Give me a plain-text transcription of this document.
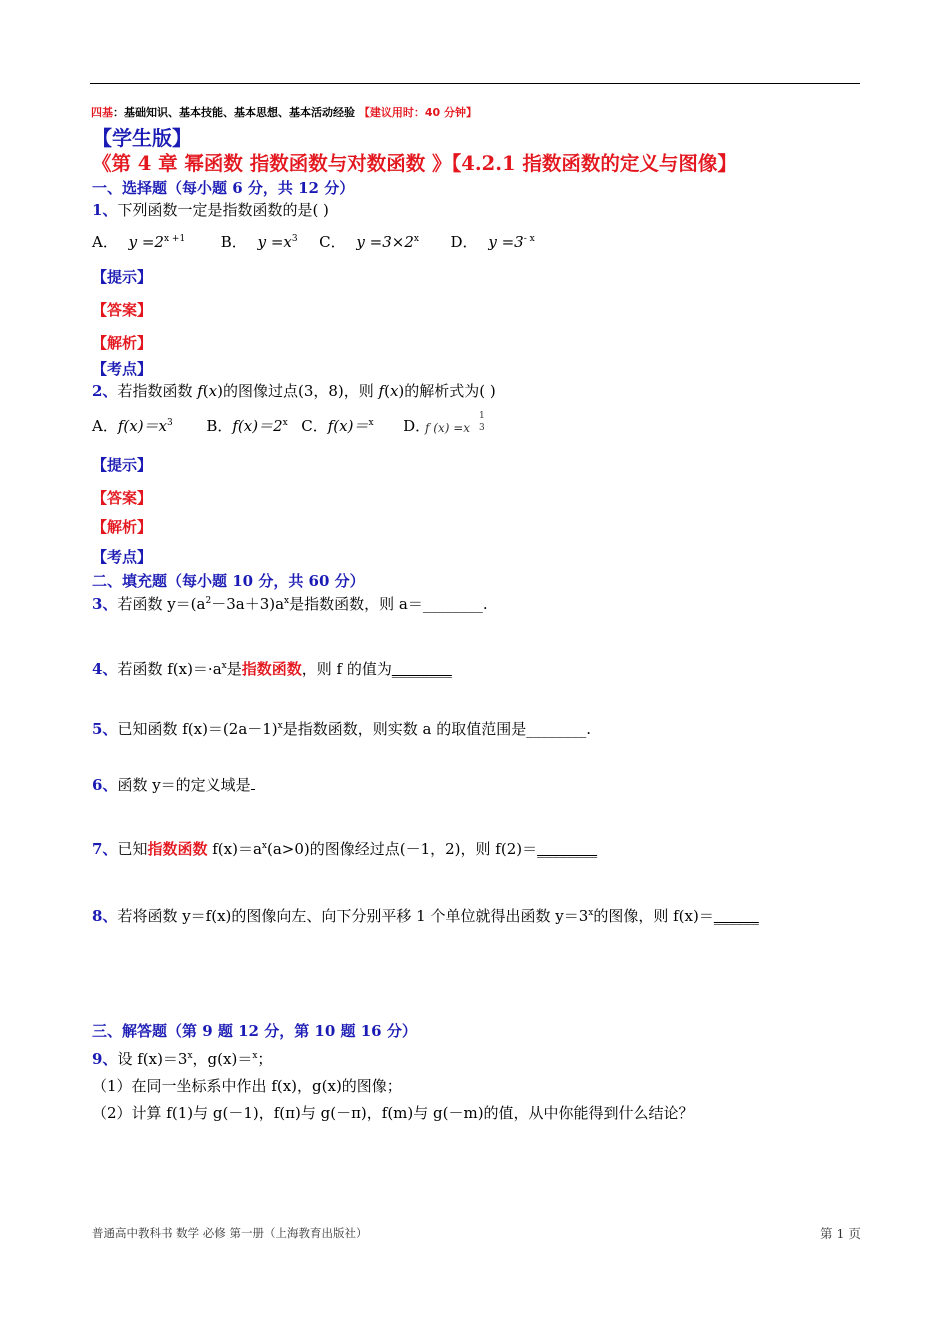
四基：基础知识、基本技能、基本思想、基本活动经验 【建议用时：40 分钟】
【学生版】
《第 4 章 幂函数 指数函数与对数函数 》【4.2.1 指数函数的定义与图像】
一、选择题（每小题 6 分，共 12 分）
1、下列函数一定是指数函数的是( )
A． $y =2^{x +1}$ B． $y =x^3$ C． $y =3\times 2^x$ D． $y =3^{- x}$
【提示】
【答案】
【解析】
【考点】
2、若指数函数 f(x)的图像过点(3，8)，则 f(x)的解析式为( )
A．$f(x)=x^3$ B．$f(x)=2^x$ C．f(x)＝$^x$ D．
f (x) =x
1
3
【提示】
【答案】
【解析】
【考点】
二、填充题（每小题 10 分，共 60 分）
3、若函数 $y=(a^2-3a+3)a^x$是指数函数，则 a＝________.
4、若函数 $f(x)=\cdot a^x$是指数函数，则 f 的值为________
5、已知函数 $f(x)=(2a-1)^x$是指数函数，则实数 a 的取值范围是________.
6、函数 y＝的定义域是
7、已知指数函数 $f(x)=a^x(a>0)$的图像经过点(－1，2)，则 f(2)＝________
8、若将函数 y＝f(x)的图像向左、向下分别平移 1 个单位就得出函数 $y=3^x$的图像，则 f(x)＝______
三、解答题（第 9 题 12 分，第 10 题 16 分）
9、设 $f(x)=3^x$，g(x)＝$^x$；
（1）在同一坐标系中作出 f(x)，g(x)的图像；
（2）计算 f(1)与 g(－1)，f(π)与 g(－π)，f(m)与 g(－m)的值，从中你能得到什么结论？
普通高中教科书 数学 必修 第一册（上海教育出版社）	第 1 页
